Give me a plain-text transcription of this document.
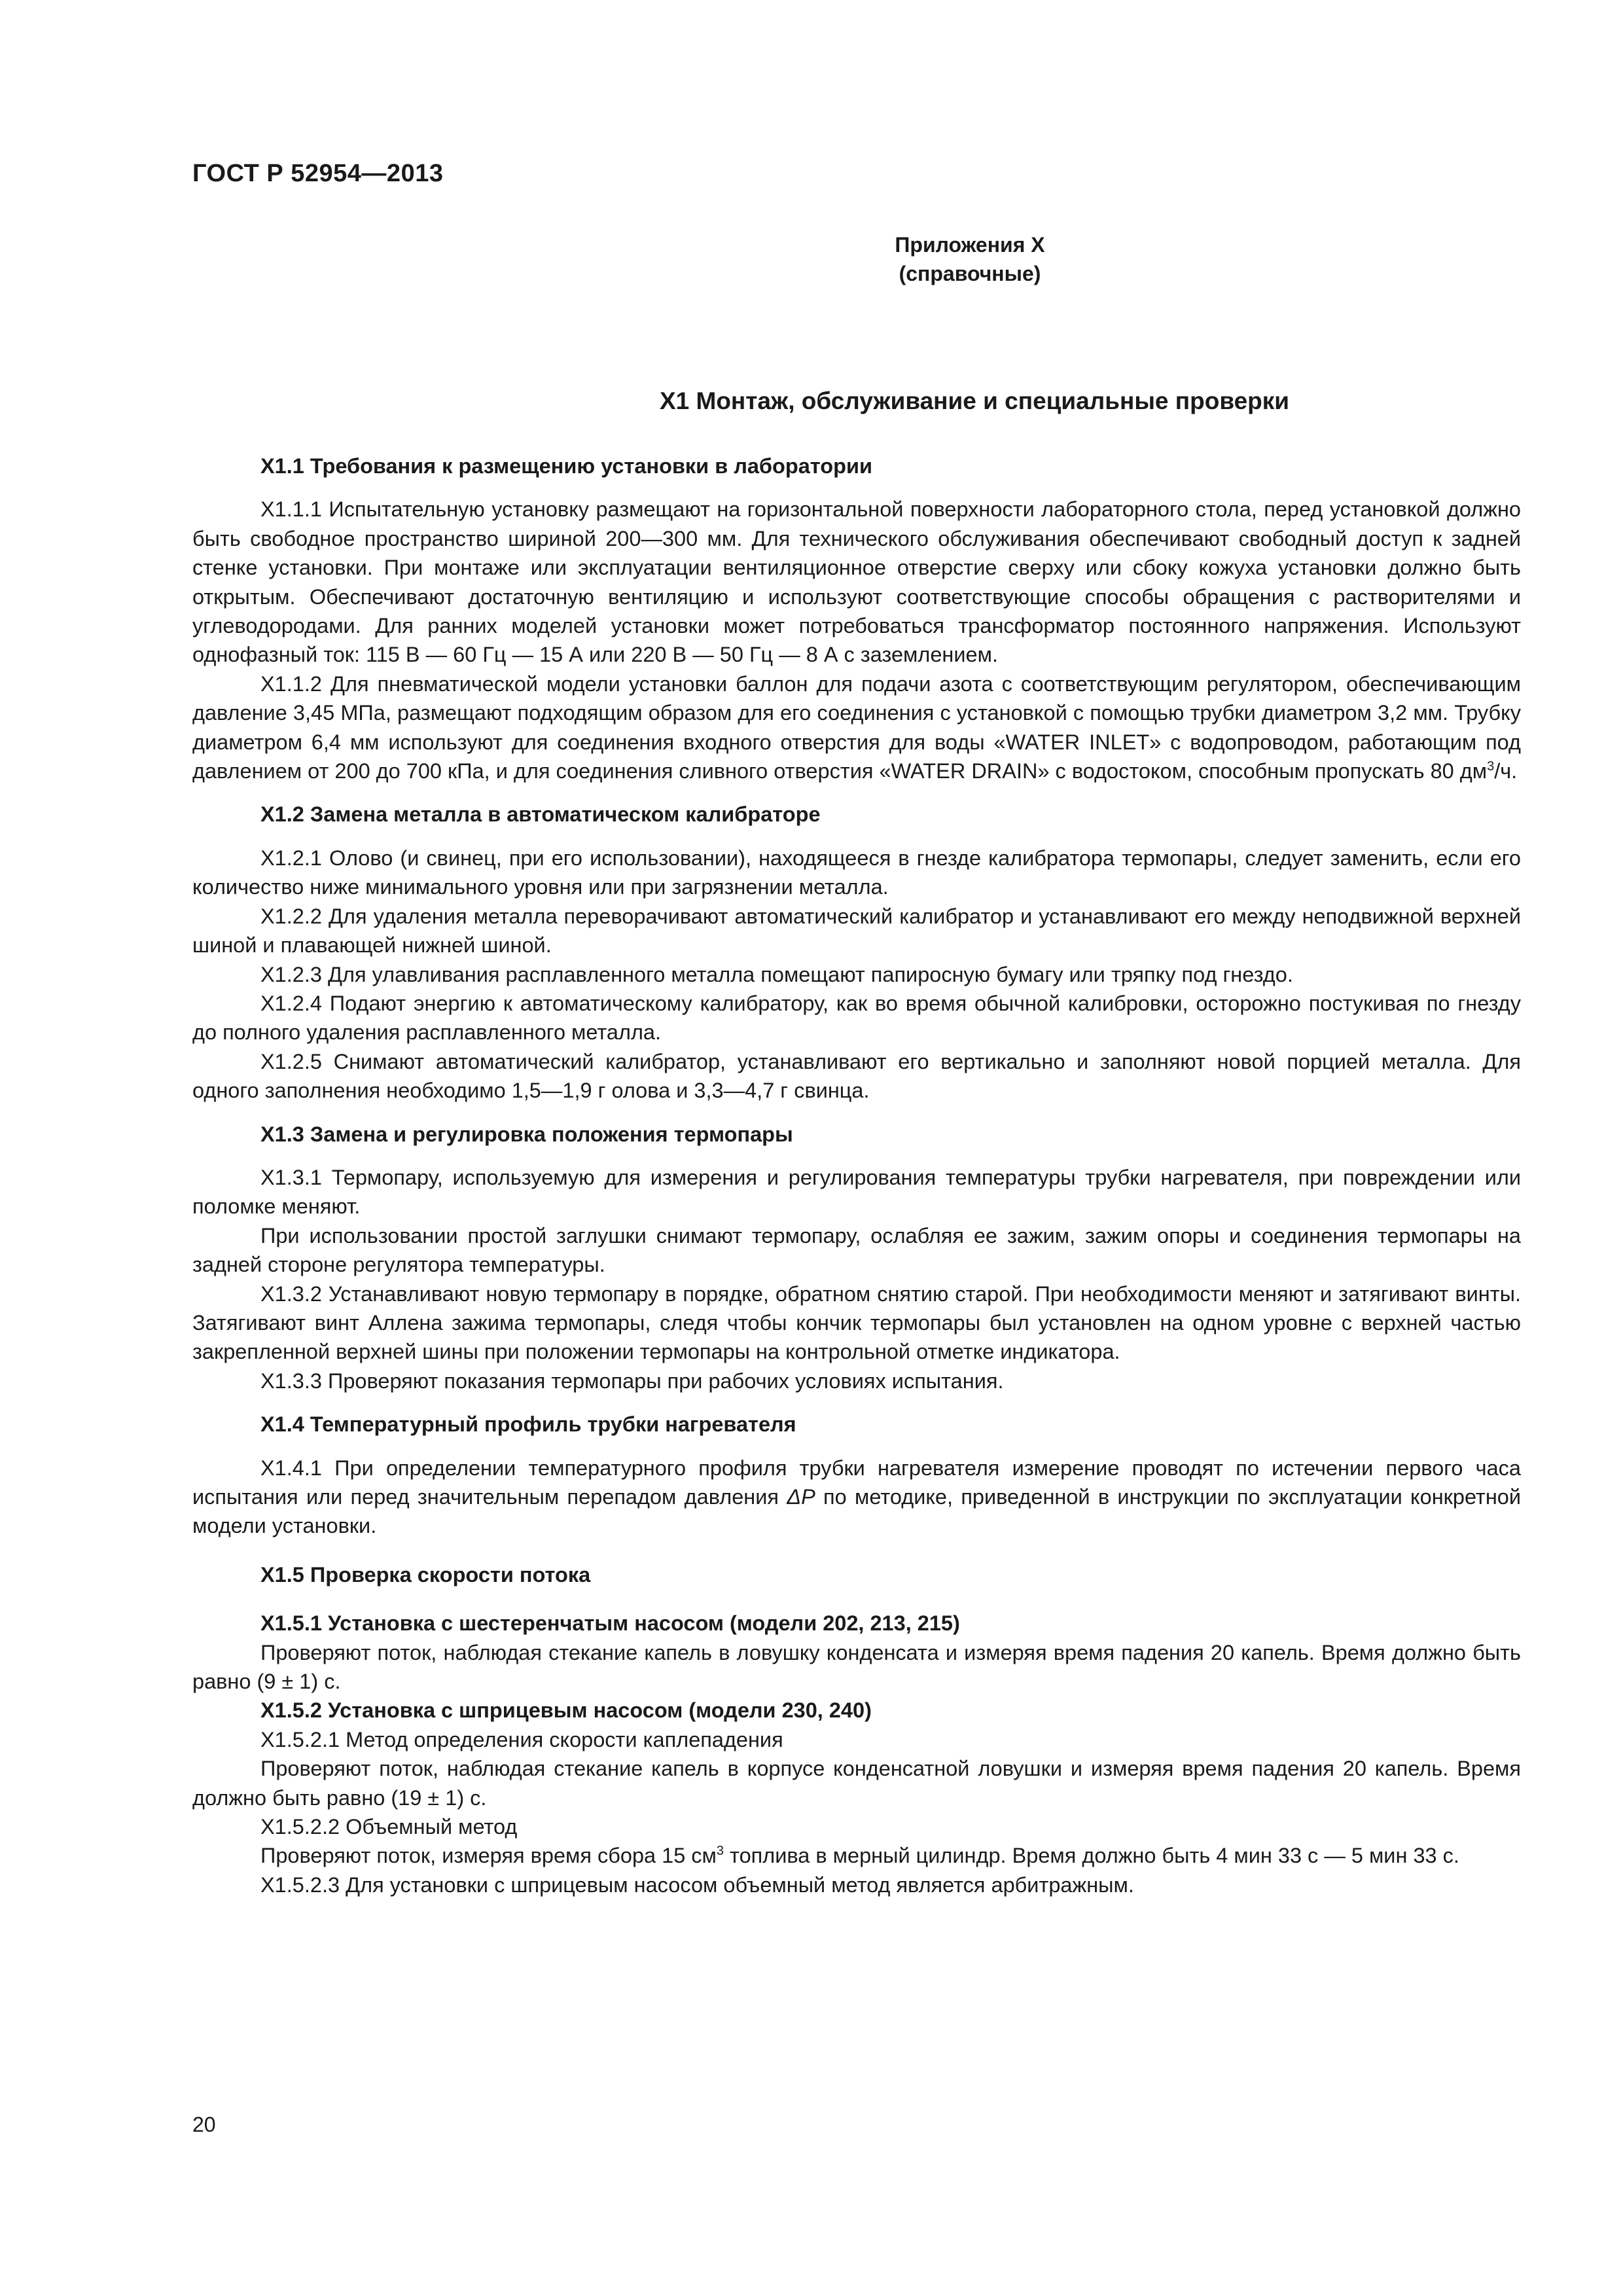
ГОСТ Р 52954—2013
Приложения X
(справочные)
X1 Монтаж, обслуживание и специальные проверки
X1.1 Требования к размещению установки в лаборатории

X1.1.1 Испытательную установку размещают на горизонтальной поверхности лабораторного стола, перед установкой должно быть свободное пространство шириной 200—300 мм. Для технического обслуживания обеспечивают свободный доступ к задней стенке установки. При монтаже или эксплуатации вентиляционное отверстие сверху или сбоку кожуха установки должно быть открытым. Обеспечивают достаточную вентиляцию и используют соответствующие способы обращения с растворителями и углеводородами. Для ранних моделей установки может потребоваться трансформатор постоянного напряжения. Используют однофазный ток: 115 В — 60 Гц — 15 А или 220 В — 50 Гц — 8 А с заземлением.

X1.1.2 Для пневматической модели установки баллон для подачи азота с соответствующим регулятором, обеспечивающим давление 3,45 МПа, размещают подходящим образом для его соединения с установкой с помощью трубки диаметром 3,2 мм. Трубку диаметром 6,4 мм используют для соединения входного отверстия для воды «WATER INLET» с водопроводом, работающим под давлением от 200 до 700 кПа, и для соединения сливного отверстия «WATER DRAIN» с водостоком, способным пропускать 80 $дм^3/ч$.

X1.2 Замена металла в автоматическом калибраторе

X1.2.1 Олово (и свинец, при его использовании), находящееся в гнезде калибратора термопары, следует заменить, если его количество ниже минимального уровня или при загрязнении металла.

X1.2.2 Для удаления металла переворачивают автоматический калибратор и устанавливают его между неподвижной верхней шиной и плавающей нижней шиной.

X1.2.3 Для улавливания расплавленного металла помещают папиросную бумагу или тряпку под гнездо.

X1.2.4 Подают энергию к автоматическому калибратору, как во время обычной калибровки, осторожно постукивая по гнезду до полного удаления расплавленного металла.

X1.2.5 Снимают автоматический калибратор, устанавливают его вертикально и заполняют новой порцией металла. Для одного заполнения необходимо 1,5—1,9 г олова и 3,3—4,7 г свинца.

X1.3 Замена и регулировка положения термопары

X1.3.1 Термопару, используемую для измерения и регулирования температуры трубки нагревателя, при повреждении или поломке меняют.

При использовании простой заглушки снимают термопару, ослабляя ее зажим, зажим опоры и соединения термопары на задней стороне регулятора температуры.

X1.3.2 Устанавливают новую термопару в порядке, обратном снятию старой. При необходимости меняют и затягивают винты. Затягивают винт Аллена зажима термопары, следя чтобы кончик термопары был установлен на одном уровне с верхней частью закрепленной верхней шины при положении термопары на контрольной отметке индикатора.

X1.3.3 Проверяют показания термопары при рабочих условиях испытания.

X1.4 Температурный профиль трубки нагревателя

X1.4.1 При определении температурного профиля трубки нагревателя измерение проводят по истечении первого часа испытания или перед значительным перепадом давления ΔP по методике, приведенной в инструкции по эксплуатации конкретной модели установки.

X1.5 Проверка скорости потока
X1.5.1 Установка с шестеренчатым насосом (модели 202, 213, 215)

Проверяют поток, наблюдая стекание капель в ловушку конденсата и измеряя время падения 20 капель. Время должно быть равно (9 ± 1) с.

X1.5.2 Установка с шприцевым насосом (модели 230, 240)

X1.5.2.1 Метод определения скорости каплепадения

Проверяют поток, наблюдая стекание капель в корпусе конденсатной ловушки и измеряя время падения 20 капель. Время должно быть равно (19 ± 1) с.

X1.5.2.2 Объемный метод

Проверяют поток, измеряя время сбора 15 $см^3$ топлива в мерный цилиндр. Время должно быть 4 мин 33 с — 5 мин 33 с.

X1.5.2.3 Для установки с шприцевым насосом объемный метод является арбитражным.

20
